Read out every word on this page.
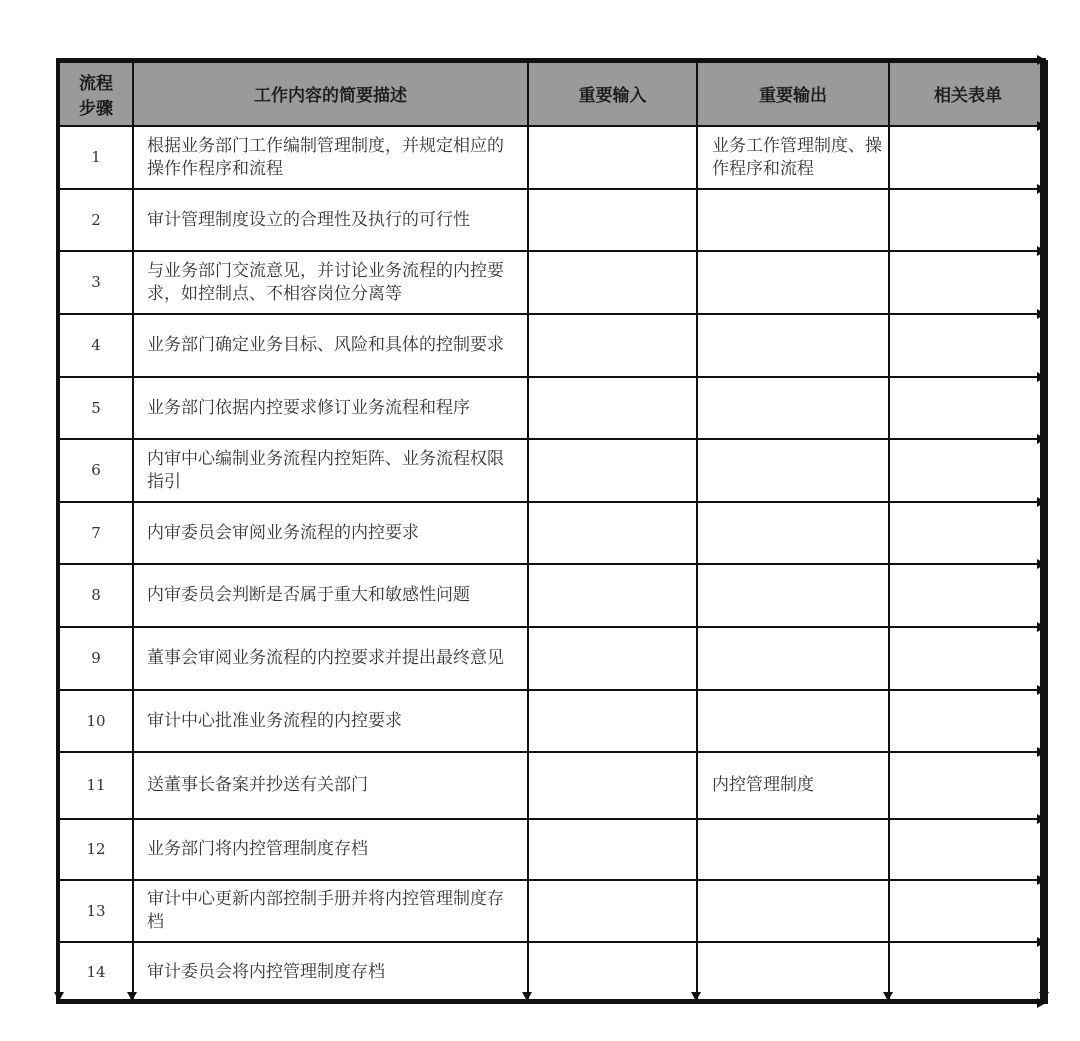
流程
步骤	工作内容的简要描述	重要输入	重要输出	相关表单
1	根据业务部门工作编制管理制度，并规定相应的操作作程序和流程		业务工作管理制度、操作程序和流程	
2	审计管理制度设立的合理性及执行的可行性			
3	与业务部门交流意见，并讨论业务流程的内控要求，如控制点、不相容岗位分离等			
4	业务部门确定业务目标、风险和具体的控制要求			
5	业务部门依据内控要求修订业务流程和程序			
6	内审中心编制业务流程内控矩阵、业务流程权限指引			
7	内审委员会审阅业务流程的内控要求			
8	内审委员会判断是否属于重大和敏感性问题			
9	董事会审阅业务流程的内控要求并提出最终意见			
10	审计中心批准业务流程的内控要求			
11	送董事长备案并抄送有关部门		内控管理制度	
12	业务部门将内控管理制度存档			
13	审计中心更新内部控制手册并将内控管理制度存档			
14	审计委员会将内控管理制度存档			
